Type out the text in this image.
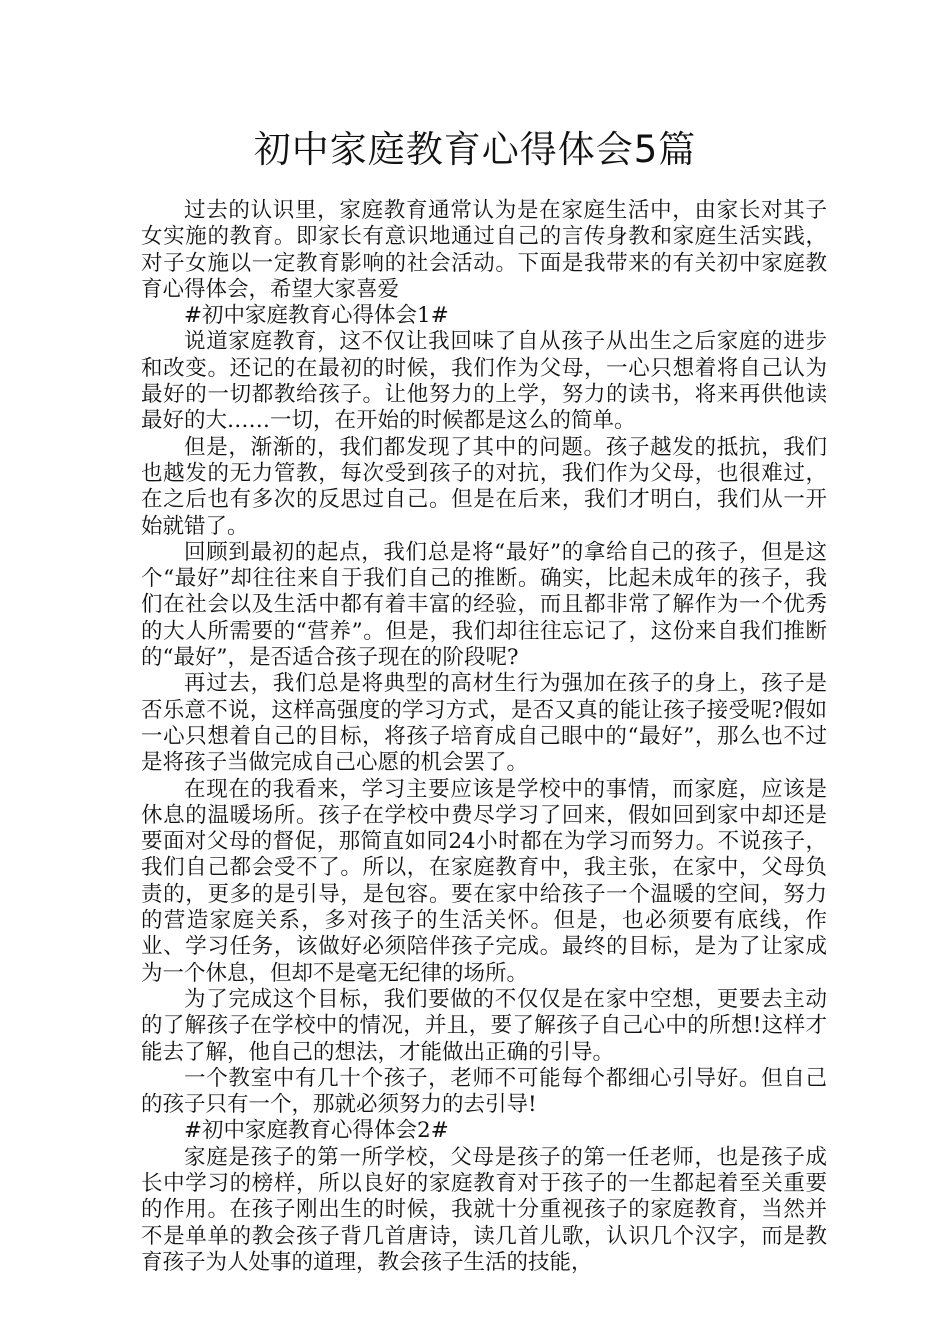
初中家庭教育心得体会5篇

过去的认识里，家庭教育通常认为是在家庭生活中，由家长对其子女实施的教育。即家长有意识地通过自己的言传身教和家庭生活实践，对子女施以一定教育影响的社会活动。下面是我带来的有关初中家庭教育心得体会，希望大家喜爱

#初中家庭教育心得体会1#

说道家庭教育，这不仅让我回味了自从孩子从出生之后家庭的进步和改变。还记的在最初的时候，我们作为父母，一心只想着将自己认为最好的一切都教给孩子。让他努力的上学，努力的读书，将来再供他读最好的大……一切，在开始的时候都是这么的简单。

但是，渐渐的，我们都发现了其中的问题。孩子越发的抵抗，我们也越发的无力管教，每次受到孩子的对抗，我们作为父母，也很难过，在之后也有多次的反思过自己。但是在后来，我们才明白，我们从一开始就错了。

回顾到最初的起点，我们总是将“最好”的拿给自己的孩子，但是这个“最好”却往往来自于我们自己的推断。确实，比起未成年的孩子，我们在社会以及生活中都有着丰富的经验，而且都非常了解作为一个优秀的大人所需要的“营养”。但是，我们却往往忘记了，这份来自我们推断的“最好”，是否适合孩子现在的阶段呢?

再过去，我们总是将典型的高材生行为强加在孩子的身上，孩子是否乐意不说，这样高强度的学习方式，是否又真的能让孩子接受呢?假如一心只想着自己的目标，将孩子培育成自己眼中的“最好”，那么也不过是将孩子当做完成自己心愿的机会罢了。

在现在的我看来，学习主要应该是学校中的事情，而家庭，应该是休息的温暖场所。孩子在学校中费尽学习了回来，假如回到家中却还是要面对父母的督促，那简直如同24小时都在为学习而努力。不说孩子，我们自己都会受不了。所以，在家庭教育中，我主张，在家中，父母负责的，更多的是引导，是包容。要在家中给孩子一个温暖的空间，努力的营造家庭关系，多对孩子的生活关怀。但是，也必须要有底线，作业、学习任务，该做好必须陪伴孩子完成。最终的目标，是为了让家成为一个休息，但却不是毫无纪律的场所。

为了完成这个目标，我们要做的不仅仅是在家中空想，更要去主动的了解孩子在学校中的情况，并且，要了解孩子自己心中的所想!这样才能去了解，他自己的想法，才能做出正确的引导。

一个教室中有几十个孩子，老师不可能每个都细心引导好。但自己的孩子只有一个，那就必须努力的去引导!

#初中家庭教育心得体会2#

家庭是孩子的第一所学校，父母是孩子的第一任老师，也是孩子成长中学习的榜样，所以良好的家庭教育对于孩子的一生都起着至关重要的作用。在孩子刚出生的时候，我就十分重视孩子的家庭教育，当然并不是单单的教会孩子背几首唐诗，读几首儿歌，认识几个汉字，而是教育孩子为人处事的道理，教会孩子生活的技能，
